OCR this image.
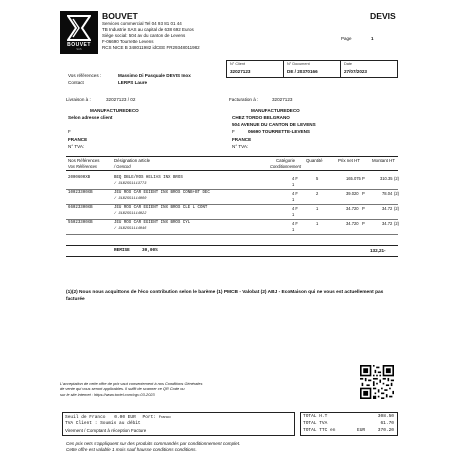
BOUVET
SAS
BOUVET
Services commercial Tel 04 93 81 01 44
TB Industrie SAS au capital de 638 692 Euros
Siège social: 504 av du canton de Levens
F-06690 Tourrette Levens
RCS NICE B 348011982 idCEE FR29348011982
DEVIS
Page	1
N° Client
32027123
N° Document
DE / 20370166
Date
27/07/2023
Vos références :	Massimo Di Pasquale DEVIS Inox
Contact	LERPS Laure
Livraison à :	32027123 / 02
MANUFACTUREDECO
Selon adresse client
F
FRANCE
N° TVA:
Facturation à :	32027123
MANUFACTUREDECO
CHEZ TORDO BELGRANO
504 AVENUE DU CANTON DE LEVENS
F	06690 TOURRETTE-LEVENS
FRANCE
N° TVA:
Nos Références
Vos Références
Désignation article
/ Gencod
Catégorie
Conditionnement
Quantité	Prix net HT	Montant HT
2000600XB	BEQ DBLE/ROS HELIAS INX BROS
/ 3182551113773
4 F
1
5	165.075 P	310.35 (2)
10023300XB	JEU ROS CAR EGIENT INX BROS CONB+BT DEC
/ 3182551114060
4 F
1
2	39.020 P	78.04 (2)
66023300XB	JEU ROS CAR EGIENT INX BROS CLE L CONT
/ 3182551114022
4 F
1
1	34.720 P	34.72 (2)
55023300XB	JEU ROS CAR EGIENT INX BROS CYL
/ 3182551114046
4 F
1
1	34.720 P	34.72 (2)
REMISE	30,00%	132,21-
(1)(2) Nous nous acquittons de l'éco contribution selon le barème (1) PMCB - Valobat (2) ABJ - EcoMaison qui ne vous est actuellement pas facturée
L'acceptation de cette offre de prix vaut consentement à nos Conditions Générales
de vente qui vous seront applicables. Il suffit de scanner ce QR Code ou
sur le site internet : https://www.tortel.com/cgv-03-2023
Seuil de Franco 0.00 EUR Port: Franco
TVA Client : Soumis au débit
Virement / Comptant à réception Facture
TOTAL H.T	308.50
TOTAL TVA	61.70
TOTAL TTC en	EUR	370.20
Ces prix nets s'appliquent sur des produits commandés par conditionnement complet.
Cette offre est valable 1 mois sauf hausse conditions conditions.
